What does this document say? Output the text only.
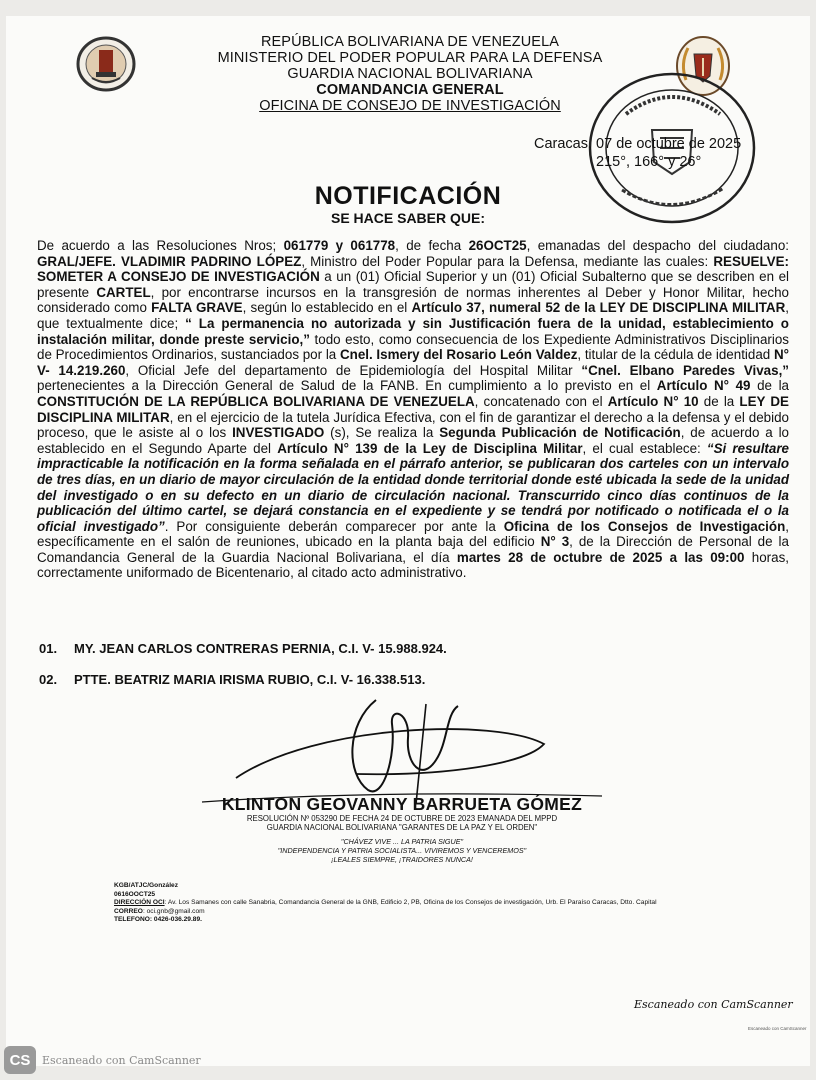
REPÚBLICA BOLIVARIANA DE VENEZUELA
MINISTERIO DEL PODER POPULAR PARA LA DEFENSA
GUARDIA NACIONAL BOLIVARIANA
COMANDANCIA GENERAL
OFICINA DE CONSEJO DE INVESTIGACIÓN
Caracas, 07 de octubre de 2025
215°, 166° y 26°
NOTIFICACIÓN
SE HACE SABER QUE:
De acuerdo a las Resoluciones Nros; 061779 y 061778, de fecha 26OCT25, emanadas del despacho del ciudadano: GRAL/JEFE. VLADIMIR PADRINO LÓPEZ, Ministro del Poder Popular para la Defensa, mediante las cuales: RESUELVE: SOMETER A CONSEJO DE INVESTIGACIÓN a un (01) Oficial Superior y un (01) Oficial Subalterno que se describen en el presente CARTEL, por encontrarse incursos en la transgresión de normas inherentes al Deber y Honor Militar, hecho considerado como FALTA GRAVE, según lo establecido en el Artículo 37, numeral 52 de la LEY DE DISCIPLINA MILITAR, que textualmente dice; “ La permanencia no autorizada y sin Justificación fuera de la unidad, establecimiento o instalación militar, donde preste servicio,” todo esto, como consecuencia de los Expediente Administrativos Disciplinarios de Procedimientos Ordinarios, sustanciados por la Cnel. Ismery del Rosario León Valdez, titular de la cédula de identidad N° V- 14.219.260, Oficial Jefe del departamento de Epidemiología del Hospital Militar “Cnel. Elbano Paredes Vivas,” pertenecientes a la Dirección General de Salud de la FANB. En cumplimiento a lo previsto en el Artículo N° 49 de la CONSTITUCIÓN DE LA REPÚBLICA BOLIVARIANA DE VENEZUELA, concatenado con el Artículo N° 10 de la LEY DE DISCIPLINA MILITAR, en el ejercicio de la tutela Jurídica Efectiva, con el fin de garantizar el derecho a la defensa y el debido proceso, que le asiste al o los INVESTIGADO (s), Se realiza la Segunda Publicación de Notificación, de acuerdo a lo establecido en el Segundo Aparte del Artículo N° 139 de la Ley de Disciplina Militar, el cual establece: “Si resultare impracticable la notificación en la forma señalada en el párrafo anterior, se publicaran dos carteles con un intervalo de tres días, en un diario de mayor circulación de la entidad donde territorial donde esté ubicada la sede de la unidad del investigado o en su defecto en un diario de circulación nacional. Transcurrido cinco días continuos de la publicación del último cartel, se dejará constancia en el expediente y se tendrá por notificado o notificada el o la oficial investigado”. Por consiguiente deberán comparecer por ante la Oficina de los Consejos de Investigación, específicamente en el salón de reuniones, ubicado en la planta baja del edificio N° 3, de la Dirección de Personal de la Comandancia General de la Guardia Nacional Bolivariana, el día martes 28 de octubre de 2025 a las 09:00 horas, correctamente uniformado de Bicentenario, al citado acto administrativo.
01. MY. JEAN CARLOS CONTRERAS PERNIA, C.I. V- 15.988.924.
02. PTTE. BEATRIZ MARIA IRISMA RUBIO, C.I. V- 16.338.513.
KLINTON GEOVANNY BARRUETA GÓMEZ
RESOLUCIÓN Nº 053290 DE FECHA 24 DE OCTUBRE DE 2023 EMANADA DEL MPPD
GUARDIA NACIONAL BOLIVARIANA "GARANTES DE LA PAZ Y EL ORDEN"
"CHÁVEZ VIVE ... LA PATRIA SIGUE"
"INDEPENDENCIA Y PATRIA SOCIALISTA... VIVIREMOS Y VENCEREMOS"
¡LEALES SIEMPRE, ¡TRAIDORES NUNCA!
KGB/ATJC/González
0616OOCT25
DIRECCIÓN OCI: Av. Los Samanes con calle Sanabria, Comandancia General de la GNB, Edificio 2, PB, Oficina de los Consejos de investigación, Urb. El Paraíso Caracas, Dtto. Capital
CORREO: oci.gnb@gmail.com
TELEFONO: 0426-036.29.89.
Escaneado con CamScanner
Escaneado con CamScanner
CS	Escaneado con CamScanner
